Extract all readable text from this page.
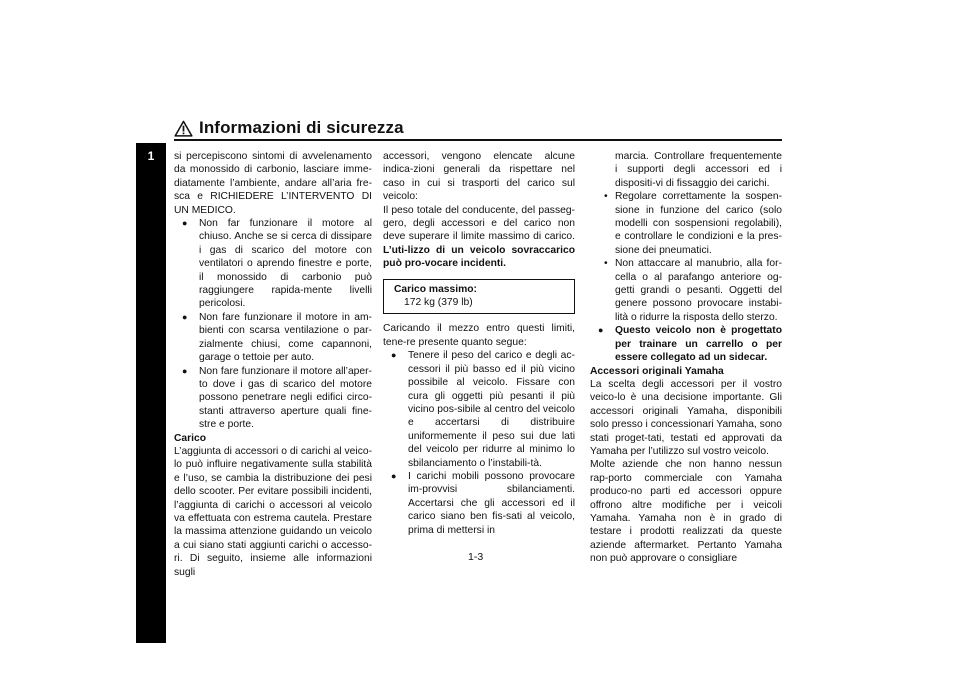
Informazioni di sicurezza
1	si percepiscono sintomi di avvelenamento da monossido di carbonio, lasciare imme-diatamente l’ambiente, andare all’aria fre-sca e RICHIEDERE L’INTERVENTO DI UN MEDICO.

● Non far funzionare il motore al chiuso. Anche se si cerca di dissipare i gas di scarico del motore con ventilatori o aprendo finestre e porte, il monossido di carbonio può raggiungere rapida-mente livelli pericolosi.
● Non fare funzionare il motore in am-bienti con scarsa ventilazione o par-zialmente chiusi, come capannoni, garage o tettoie per auto.
● Non fare funzionare il motore all’aper-to dove i gas di scarico del motore possono penetrare negli edifici circo-stanti attraverso aperture quali fine-stre e porte.

Carico

L’aggiunta di accessori o di carichi al veico-lo può influire negativamente sulla stabilità e l’uso, se cambia la distribuzione dei pesi dello scooter. Per evitare possibili incidenti, l’aggiunta di carichi o accessori al veicolo va effettuata con estrema cautela. Prestare la massima attenzione guidando un veicolo a cui siano stati aggiunti carichi o accesso-ri. Di seguito, insieme alle informazioni sugli

accessori, vengono elencate alcune indica-zioni generali da rispettare nel caso in cui si trasporti del carico sul veicolo:

Il peso totale del conducente, del passeg-gero, degli accessori e del carico non deve superare il limite massimo di carico. L’uti-lizzo di un veicolo sovraccarico può pro-vocare incidenti.

Carico massimo:
172 kg (379 lb)

Caricando il mezzo entro questi limiti, tene-re presente quanto segue:

● Tenere il peso del carico e degli ac-cessori il più basso ed il più vicino possibile al veicolo. Fissare con cura gli oggetti più pesanti il più vicino pos-sibile al centro del veicolo e accertarsi di distribuire uniformemente il peso sui due lati del veicolo per ridurre al minimo lo sbilanciamento o l’instabili-tà.
● I carichi mobili possono provocare im-provvisi sbilanciamenti. Accertarsi che gli accessori ed il carico siano ben fis-sati al veicolo, prima di mettersi in

marcia. Controllare frequentemente i supporti degli accessori ed i dispositi-vi di fissaggio dei carichi.

• Regolare correttamente la sospen-sione in funzione del carico (solo modelli con sospensioni regolabili), e controllare le condizioni e la pres-sione dei pneumatici.
• Non attaccare al manubrio, alla for-cella o al parafango anteriore og-getti grandi o pesanti. Oggetti del genere possono provocare instabi-lità o ridurre la risposta dello sterzo.
● Questo veicolo non è progettato per trainare un carrello o per essere collegato ad un sidecar.

Accessori originali Yamaha

La scelta degli accessori per il vostro veico-lo è una decisione importante. Gli accessori originali Yamaha, disponibili solo presso i concessionari Yamaha, sono stati proget-tati, testati ed approvati da Yamaha per l’utilizzo sul vostro veicolo.

Molte aziende che non hanno nessun rap-porto commerciale con Yamaha produco-no parti ed accessori oppure offrono altre modifiche per i veicoli Yamaha. Yamaha non è in grado di testare i prodotti realizzati da queste aziende aftermarket. Pertanto Yamaha non può approvare o consigliare

1-3
